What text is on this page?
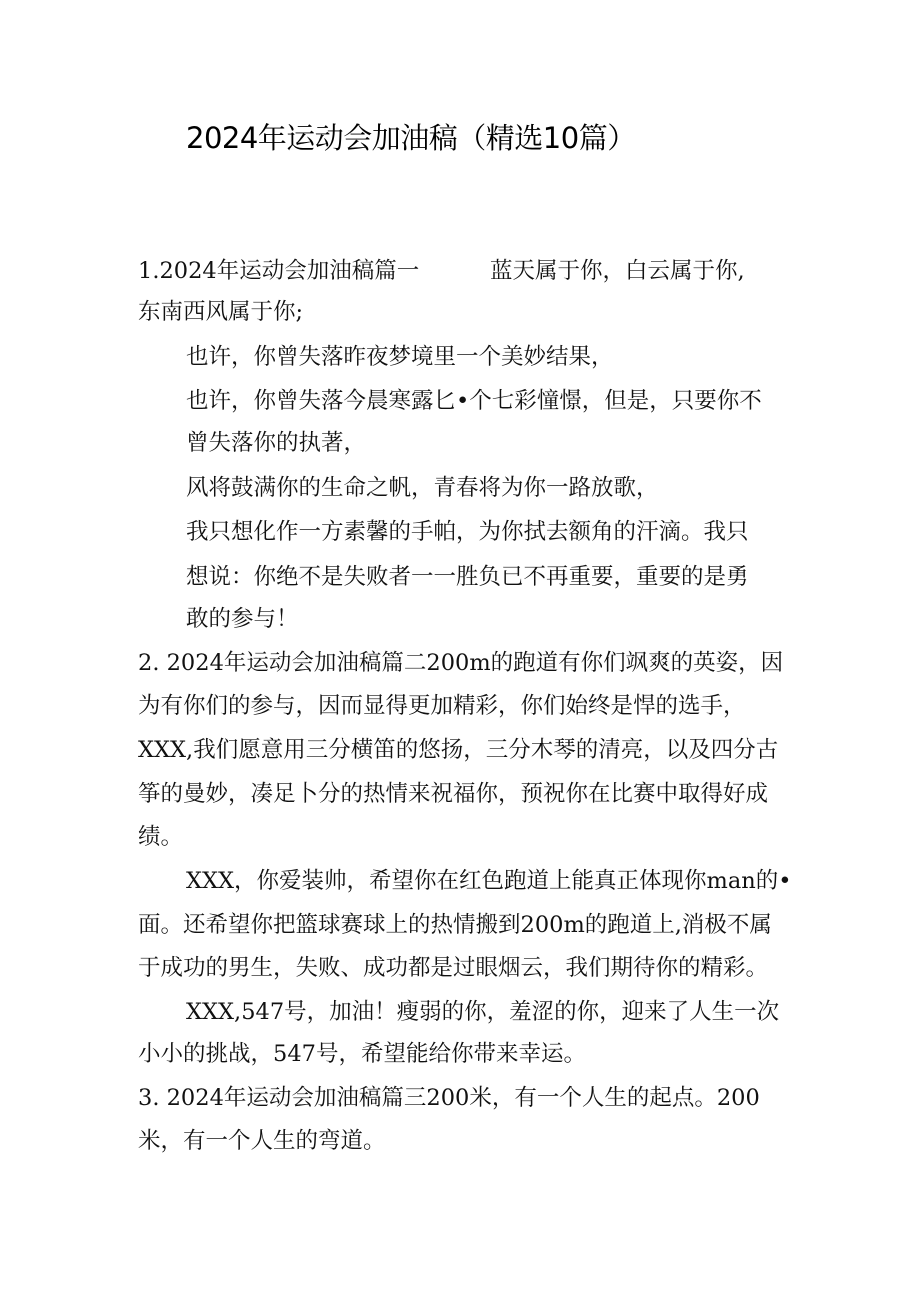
2024年运动会加油稿（精选10篇）

1.2024年运动会加油稿篇一	蓝天属于你，白云属于你,

东南西风属于你;

也许，你曾失落昨夜梦境里一个美妙结果，

也许，你曾失落今晨寒露匕•个七彩憧憬，但是，只要你不

曾失落你的执著，

风将鼓满你的生命之帆，青春将为你一路放歌，

我只想化作一方素馨的手帕，为你拭去额角的汗滴。我只

想说：你绝不是失败者一一胜负已不再重要，重要的是勇

敢的参与！

2. 2024年运动会加油稿篇二200m的跑道有你们飒爽的英姿，因

为有你们的参与，因而显得更加精彩，你们始终是悍的选手，

XXX,我们愿意用三分横笛的悠扬，三分木琴的清亮，以及四分古

筝的曼妙，凑足卜分的热情来祝福你，预祝你在比赛中取得好成

绩。

XXX，你爱装帅，希望你在红色跑道上能真正体现你man的•

面。还希望你把篮球赛球上的热情搬到200m的跑道上,消极不属

于成功的男生，失败、成功都是过眼烟云，我们期待你的精彩。

XXX,547号，加油！瘦弱的你，羞涩的你，迎来了人生一次

小小的挑战，547号，希望能给你带来幸运。

3. 2024年运动会加油稿篇三200米，有一个人生的起点。200

米，有一个人生的弯道。
